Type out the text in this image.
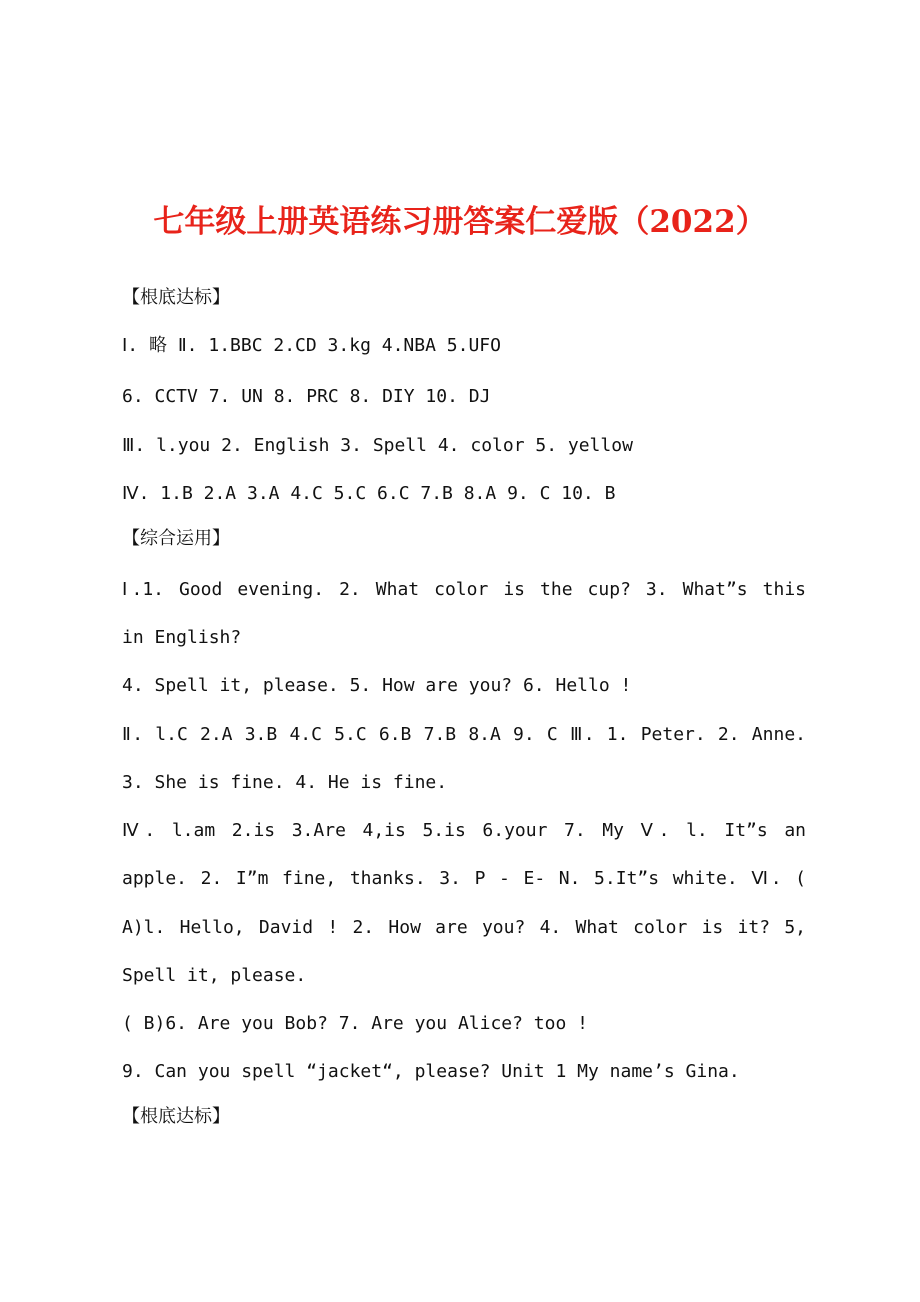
七年级上册英语练习册答案仁爱版（2022）
【根底达标】
Ⅰ. 略 Ⅱ. 1.BBC 2.CD 3.kg 4.NBA 5.UFO
6. CCTV 7. UN 8. PRC 8. DIY 10. DJ
Ⅲ. l.you 2. English 3. Spell 4. color 5. yellow
Ⅳ. 1.B 2.A 3.A 4.C 5.C 6.C 7.B 8.A 9. C 10. B
【综合运用】
Ⅰ.1. Good evening. 2. What color is the cup? 3. What”s this
in English?
4. Spell it, please. 5. How are you? 6. Hello !
Ⅱ. l.C 2.A 3.B 4.C 5.C 6.B 7.B 8.A 9. C Ⅲ. 1. Peter. 2. Anne.
3. She is fine. 4. He is fine.
Ⅳ. l.am 2.is 3.Are 4,is 5.is 6.your 7. My Ⅴ. l. It”s an
apple. 2. I”m fine, thanks. 3. P - E- N. 5.It”s white. Ⅵ. (
A)l. Hello, David ! 2. How are you? 4. What color is it? 5,
Spell it, please.
( B)6. Are you Bob? 7. Are you Alice? too !
9. Can you spell “jacket“, please? Unit 1 My name’s Gina.
【根底达标】
